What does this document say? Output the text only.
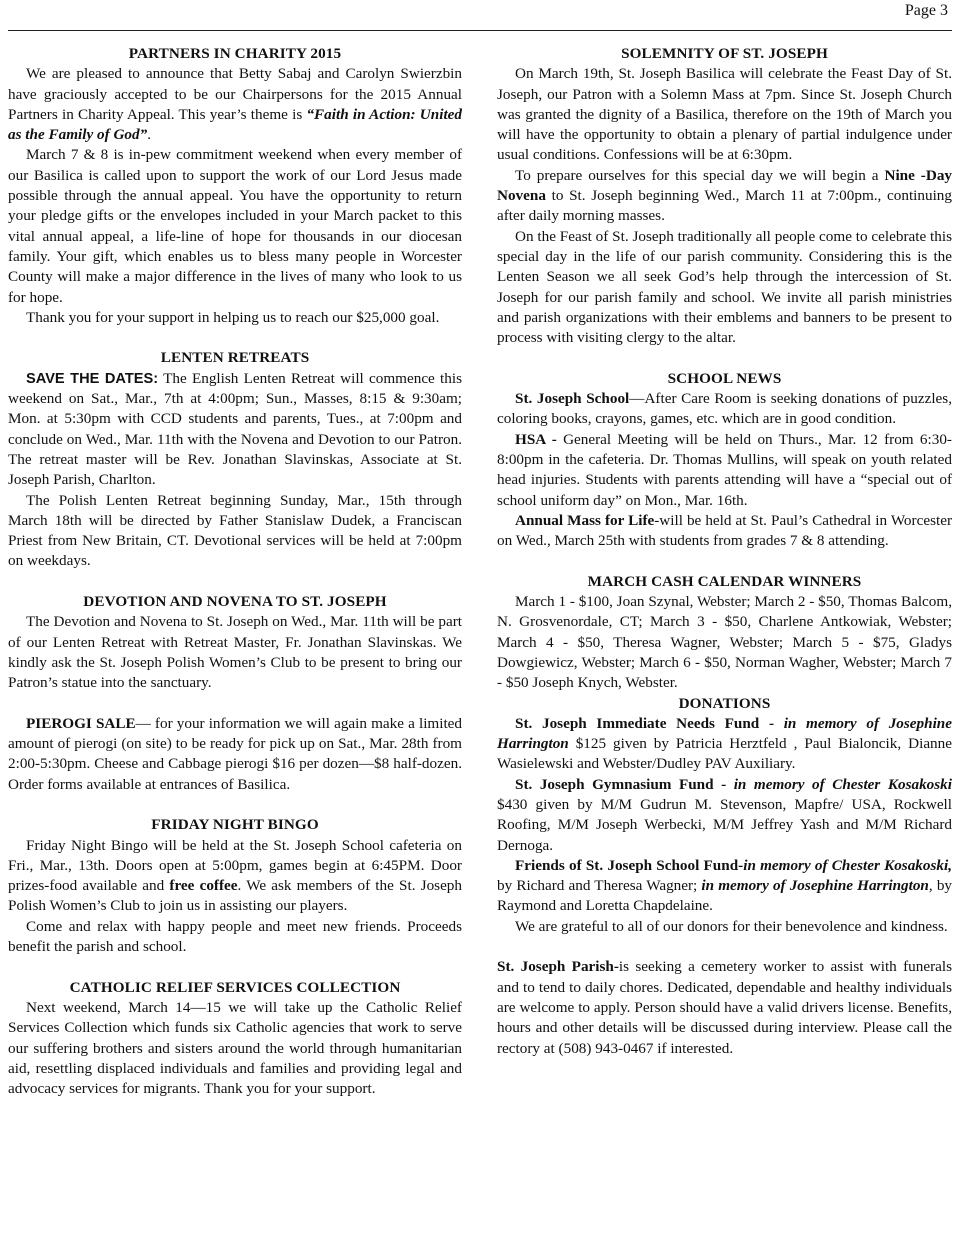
Page 3
PARTNERS IN CHARITY 2015

We are pleased to announce that Betty Sabaj and Carolyn Swierzbin have graciously accepted to be our Chairpersons for the 2015 Annual Partners in Charity Appeal. This year’s theme is “Faith in Action: United as the Family of God”.

March 7 & 8 is in-pew commitment weekend when every member of our Basilica is called upon to support the work of our Lord Jesus made possible through the annual appeal. You have the opportunity to return your pledge gifts or the envelopes included in your March packet to this vital annual appeal, a life-line of hope for thousands in our diocesan family. Your gift, which enables us to bless many people in Worcester County will make a major difference in the lives of many who look to us for hope.

Thank you for your support in helping us to reach our $25,000 goal.

LENTEN RETREATS

SAVE THE DATES: The English Lenten Retreat will commence this weekend on Sat., Mar., 7th at 4:00pm; Sun., Masses, 8:15 & 9:30am; Mon. at 5:30pm with CCD students and parents, Tues., at 7:00pm and conclude on Wed., Mar. 11th with the Novena and Devotion to our Patron. The retreat master will be Rev. Jonathan Slavinskas, Associate at St. Joseph Parish, Charlton.

The Polish Lenten Retreat beginning Sunday, Mar., 15th through March 18th will be directed by Father Stanislaw Dudek, a Franciscan Priest from New Britain, CT. Devotional services will be held at 7:00pm on weekdays.

DEVOTION AND NOVENA TO ST. JOSEPH

The Devotion and Novena to St. Joseph on Wed., Mar. 11th will be part of our Lenten Retreat with Retreat Master, Fr. Jonathan Slavinskas. We kindly ask the St. Joseph Polish Women’s Club to be present to bring our Patron’s statue into the sanctuary.

PIEROGI SALE— for your information we will again make a limited amount of pierogi (on site) to be ready for pick up on Sat., Mar. 28th from 2:00-5:30pm. Cheese and Cabbage pierogi $16 per dozen—$8 half-dozen. Order forms available at entrances of Basilica.

FRIDAY NIGHT BINGO

Friday Night Bingo will be held at the St. Joseph School cafeteria on Fri., Mar., 13th. Doors open at 5:00pm, games begin at 6:45PM. Door prizes-food available and free coffee. We ask members of the St. Joseph Polish Women’s Club to join us in assisting our players.

Come and relax with happy people and meet new friends. Proceeds benefit the parish and school.

CATHOLIC RELIEF SERVICES COLLECTION

Next weekend, March 14—15 we will take up the Catholic Relief Services Collection which funds six Catholic agencies that work to serve our suffering brothers and sisters around the world through humanitarian aid, resettling displaced individuals and families and providing legal and advocacy services for migrants. Thank you for your support.

SOLEMNITY OF ST. JOSEPH

On March 19th, St. Joseph Basilica will celebrate the Feast Day of St. Joseph, our Patron with a Solemn Mass at 7pm. Since St. Joseph Church was granted the dignity of a Basilica, therefore on the 19th of March you will have the opportunity to obtain a plenary of partial indulgence under usual conditions. Confessions will be at 6:30pm.

To prepare ourselves for this special day we will begin a Nine -Day Novena to St. Joseph beginning Wed., March 11 at 7:00pm., continuing after daily morning masses.

On the Feast of St. Joseph traditionally all people come to celebrate this special day in the life of our parish community. Considering this is the Lenten Season we all seek God’s help through the intercession of St. Joseph for our parish family and school. We invite all parish ministries and parish organizations with their emblems and banners to be present to process with visiting clergy to the altar.

SCHOOL NEWS

St. Joseph School—After Care Room is seeking donations of puzzles, coloring books, crayons, games, etc. which are in good condition.

HSA - General Meeting will be held on Thurs., Mar. 12 from 6:30-8:00pm in the cafeteria. Dr. Thomas Mullins, will speak on youth related head injuries. Students with parents attending will have a “special out of school uniform day” on Mon., Mar. 16th.

Annual Mass for Life-will be held at St. Paul’s Cathedral in Worcester on Wed., March 25th with students from grades 7 & 8 attending.

MARCH CASH CALENDAR WINNERS

March 1 - $100, Joan Szynal, Webster; March 2 - $50, Thomas Balcom, N. Grosvenordale, CT; March 3 - $50, Charlene Antkowiak, Webster; March 4 - $50, Theresa Wagner, Webster; March 5 - $75, Gladys Dowgiewicz, Webster; March 6 - $50, Norman Wagher, Webster; March 7 - $50 Joseph Knych, Webster.

DONATIONS

St. Joseph Immediate Needs Fund - in memory of Josephine Harrington $125 given by Patricia Herztfeld , Paul Bialoncik, Dianne Wasielewski and Webster/Dudley PAV Auxiliary.

St. Joseph Gymnasium Fund - in memory of Chester Kosakoski $430 given by M/M Gudrun M. Stevenson, Mapfre/ USA, Rockwell Roofing, M/M Joseph Werbecki, M/M Jeffrey Yash and M/M Richard Dernoga.

Friends of St. Joseph School Fund-in memory of Chester Kosakoski, by Richard and Theresa Wagner; in memory of Josephine Harrington, by Raymond and Loretta Chapdelaine.

We are grateful to all of our donors for their benevolence and kindness.

St. Joseph Parish-is seeking a cemetery worker to assist with funerals and to tend to daily chores. Dedicated, dependable and healthy individuals are welcome to apply. Person should have a valid drivers license. Benefits, hours and other details will be discussed during interview. Please call the rectory at (508) 943-0467 if interested.
